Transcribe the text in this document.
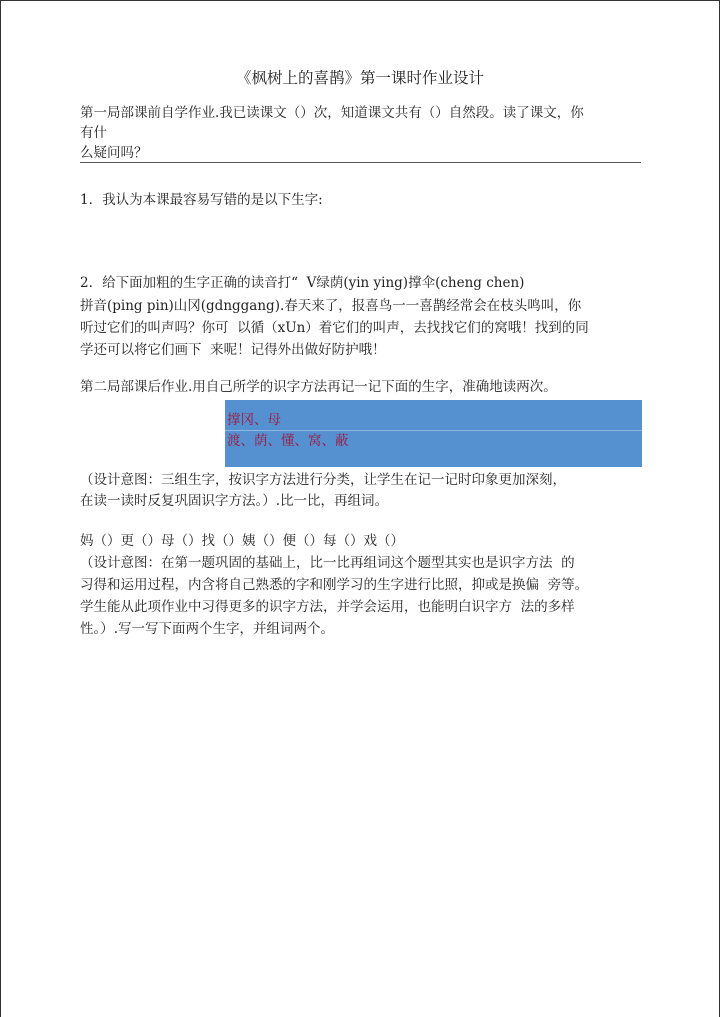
《枫树上的喜鹊》第一课时作业设计
第一局部课前自学作业.我已读课文（）次，知道课文共有（）自然段。读了课文，你
有什
么疑问吗？
1．我认为本课最容易写错的是以下生字:
2．给下面加粗的生字正确的读音打“  V绿荫(yin ying)撑伞(cheng chen)
拼音(ping pin)山冈(gdnggang).春天来了，报喜鸟一一喜鹊经常会在枝头鸣叫，你
听过它们的叫声吗？你可  以循（xUn）着它们的叫声，去找找它们的窝哦！找到的同
学还可以将它们画下  来呢！记得外出做好防护哦！
第二局部课后作业.用自己所学的识字方法再记一记下面的生字，准确地读两次。
撑冈、母
渡、荫、懂、窝、蔽
（设计意图：三组生字，按识字方法进行分类，让学生在记一记时印象更加深刻，
在读一读时反复巩固识字方法。）.比一比，再组词。
妈（）更（）母（）找（）姨（）便（）每（）戏（）
（设计意图：在第一题巩固的基础上，比一比再组词这个题型其实也是识字方法  的
习得和运用过程，内含将自己熟悉的字和刚学习的生字进行比照，抑或是换偏  旁等。
学生能从此项作业中习得更多的识字方法，并学会运用，也能明白识字方  法的多样
性。）.写一写下面两个生字，并组词两个。
